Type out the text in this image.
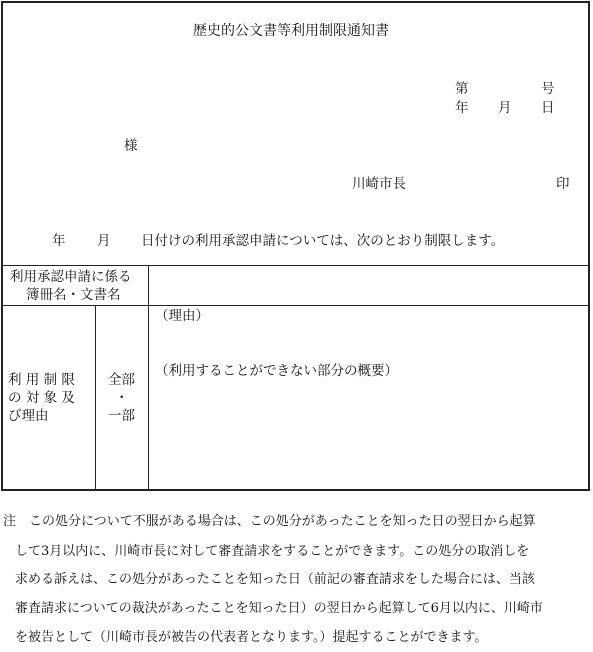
歴史的公文書等利用制限通知書
第	号
年 月 日
様
川崎市長	印
年 月 日付けの利用承認申請については、次のとおり制限します。
利用承認申請に係る
簿冊名・文書名
利 用 制 限
の 対 象 及
び理由
全部
・
一部
（理由）
（利用することができない部分の概要）
注　この処分について不服がある場合は、この処分があったことを知った日の翌日から起算
して3月以内に、川崎市長に対して審査請求をすることができます。この処分の取消しを
求める訴えは、この処分があったことを知った日（前記の審査請求をした場合には、当該
審査請求についての裁決があったことを知った日）の翌日から起算して6月以内に、川崎市
を被告として（川崎市長が被告の代表者となります。）提起することができます。
